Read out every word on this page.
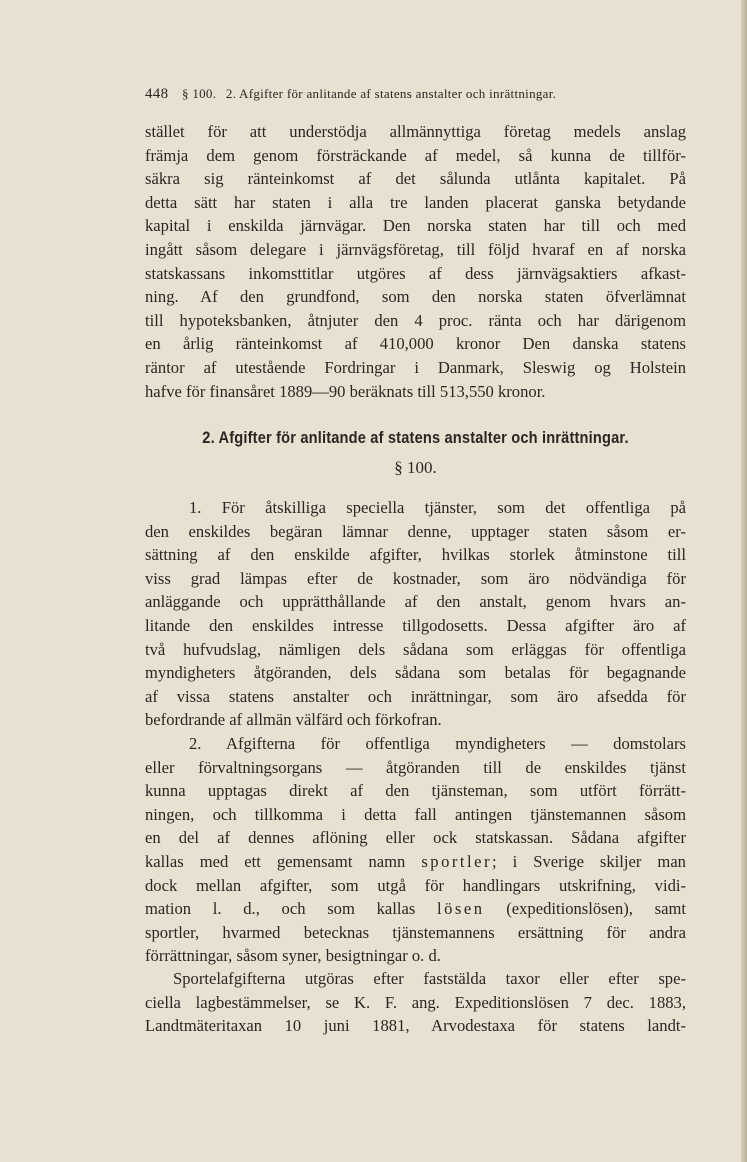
448 § 100. 2. Afgifter för anlitande af statens anstalter och inrättningar.
stället för att understödja allmännyttiga företag medels anslag
främja dem genom försträckande af medel, så kunna de tillför-
säkra sig ränteinkomst af det sålunda utlånta kapitalet. På
detta sätt har staten i alla tre landen placerat ganska betydande
kapital i enskilda järnvägar. Den norska staten har till och med
ingått såsom delegare i järnvägsföretag, till följd hvaraf en af norska
statskassans inkomsttitlar utgöres af dess järnvägsaktiers afkast-
ning. Af den grundfond, som den norska staten öfverlämnat
till hypoteksbanken, åtnjuter den 4 proc. ränta och har därigenom
en årlig ränteinkomst af 410,000 kronor Den danska statens
räntor af utestående Fordringar i Danmark, Sleswig og Holstein
hafve för finansåret 1889—90 beräknats till 513,550 kronor.
2. Afgifter för anlitande af statens anstalter och inrättningar.
§ 100.
1. För åtskilliga speciella tjänster, som det offentliga på
den enskildes begäran lämnar denne, upptager staten såsom er-
sättning af den enskilde afgifter, hvilkas storlek åtminstone till
viss grad lämpas efter de kostnader, som äro nödvändiga för
anläggande och upprätthållande af den anstalt, genom hvars an-
litande den enskildes intresse tillgodosetts. Dessa afgifter äro af
två hufvudslag, nämligen dels sådana som erläggas för offentliga
myndigheters åtgöranden, dels sådana som betalas för begagnande
af vissa statens anstalter och inrättningar, som äro afsedda för
befordrande af allmän välfärd och förkofran.
2. Afgifterna för offentliga myndigheters — domstolars
eller förvaltningsorgans — åtgöranden till de enskildes tjänst
kunna upptagas direkt af den tjänsteman, som utfört förrätt-
ningen, och tillkomma i detta fall antingen tjänstemannen såsom
en del af dennes aflöning eller ock statskassan. Sådana afgifter
kallas med ett gemensamt namn sportler; i Sverige skiljer man
dock mellan afgifter, som utgå för handlingars utskrifning, vidi-
mation l. d., och som kallas lösen (expeditionslösen), samt
sportler, hvarmed betecknas tjänstemannens ersättning för andra
förrättningar, såsom syner, besigtningar o. d.
Sportelafgifterna utgöras efter faststälda taxor eller efter spe-
ciella lagbestämmelser, se K. F. ang. Expeditionslösen 7 dec. 1883,
Landtmäteritaxan 10 juni 1881, Arvodestaxa för statens landt-
